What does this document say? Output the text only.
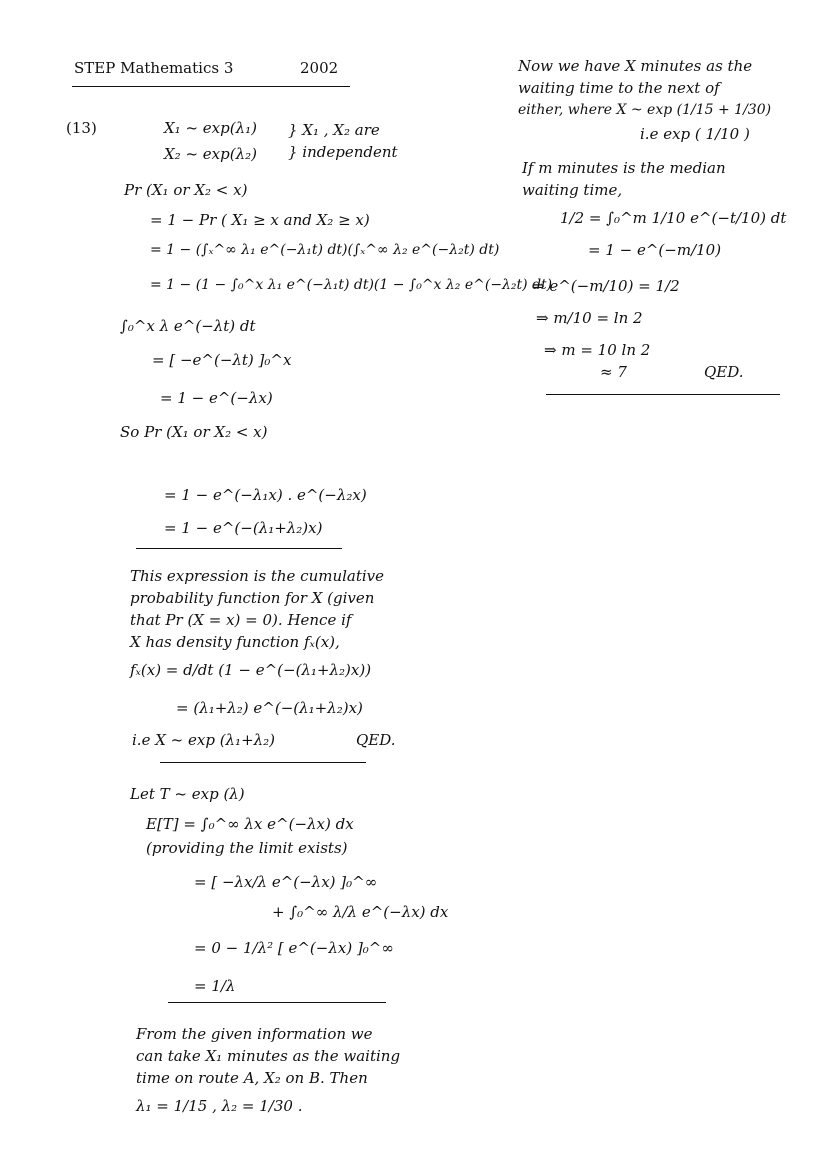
STEP Mathematics 3	2002
(13)	X₁ ~ exp(λ₁)
X₂ ~ exp(λ₂)
} X₁ , X₂ are
} independent
Pr (X₁ or X₂ < x)
= 1 − Pr ( X₁ ≥ x and X₂ ≥ x)
= 1 − (∫ₓ^∞ λ₁ e^(−λ₁t) dt)(∫ₓ^∞ λ₂ e^(−λ₂t) dt)
= 1 − (1 − ∫₀^x λ₁ e^(−λ₁t) dt)(1 − ∫₀^x λ₂ e^(−λ₂t) dt)
∫₀^x λ e^(−λt) dt
= [ −e^(−λt) ]₀^x
= 1 − e^(−λx)
So Pr (X₁ or X₂ < x)
= 1 − e^(−λ₁x) . e^(−λ₂x)
= 1 − e^(−(λ₁+λ₂)x)
This expression is the cumulative
probability function for X (given
that Pr (X = x) = 0). Hence if
X has density function fₓ(x),
fₓ(x) = d/dt (1 − e^(−(λ₁+λ₂)x))
= (λ₁+λ₂) e^(−(λ₁+λ₂)x)
i.e X ~ exp (λ₁+λ₂)	QED.
Let T ~ exp (λ)
E[T] = ∫₀^∞ λx e^(−λx) dx
(providing the limit exists)
= [ −λx/λ e^(−λx) ]₀^∞
+ ∫₀^∞ λ/λ e^(−λx) dx
= 0 − 1/λ² [ e^(−λx) ]₀^∞
= 1/λ
From the given information we
can take X₁ minutes as the waiting
time on route A, X₂ on B. Then
λ₁ = 1/15 , λ₂ = 1/30 .
Now we have X minutes as the
waiting time to the next of
either, where X ~ exp (1/15 + 1/30)
i.e exp ( 1/10 )
If m minutes is the median
waiting time,
1/2 = ∫₀^m 1/10 e^(−t/10) dt
= 1 − e^(−m/10)
⇒ e^(−m/10) = 1/2
⇒ m/10 = ln 2
⇒ m = 10 ln 2
≈ 7	QED.
